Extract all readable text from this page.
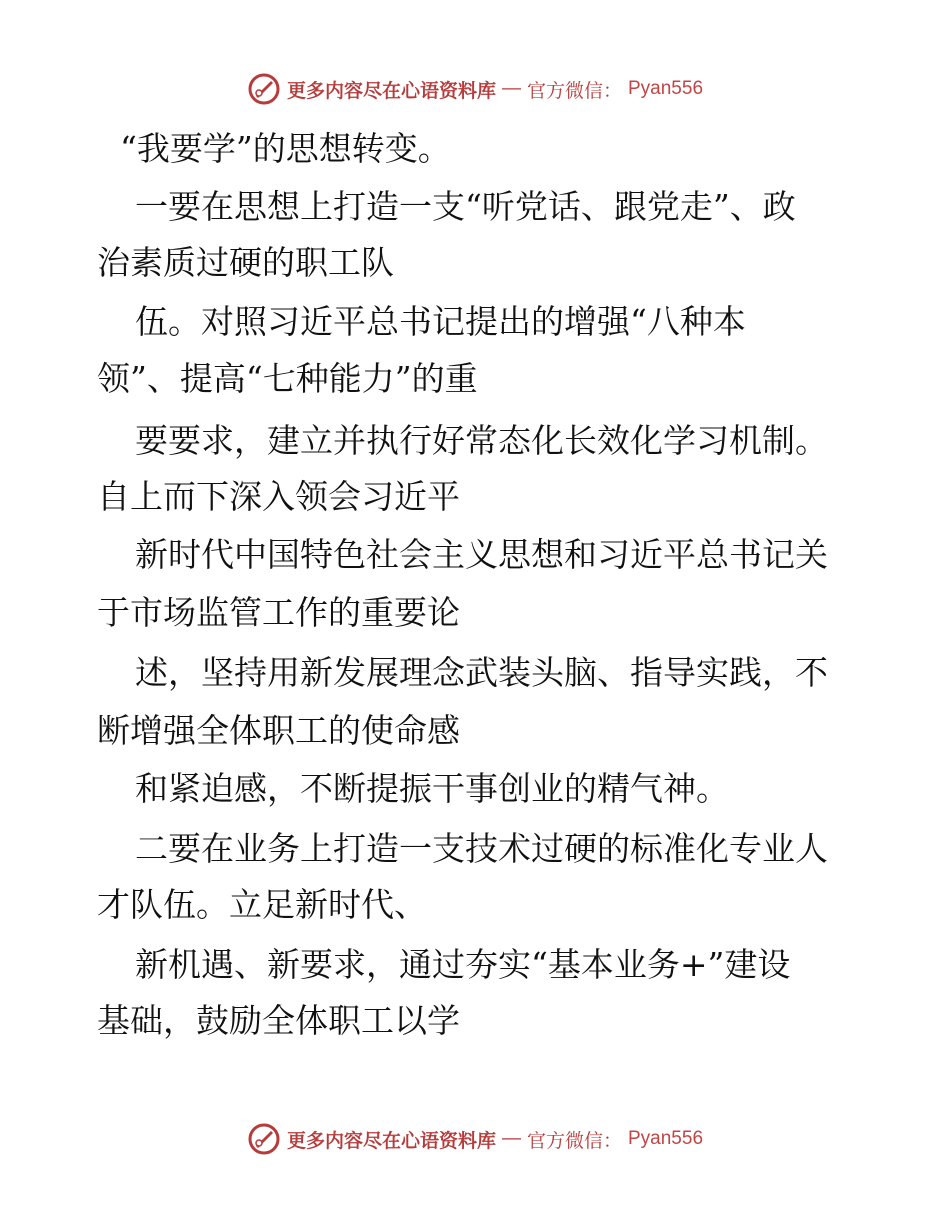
更多内容尽在心语资料库 — 官方微信： Pyan556
“我要学”的思想转变。
一要在思想上打造一支“听党话、跟党走”、政
治素质过硬的职工队
伍。对照习近平总书记提出的增强“八种本
领”、提高“七种能力”的重
要要求，建立并执行好常态化长效化学习机制。
自上而下深入领会习近平
新时代中国特色社会主义思想和习近平总书记关
于市场监管工作的重要论
述，坚持用新发展理念武装头脑、指导实践，不
断增强全体职工的使命感
和紧迫感，不断提振干事创业的精气神。
二要在业务上打造一支技术过硬的标准化专业人
才队伍。立足新时代、
新机遇、新要求，通过夯实“基本业务+”建设
基础，鼓励全体职工以学
更多内容尽在心语资料库 — 官方微信： Pyan556
